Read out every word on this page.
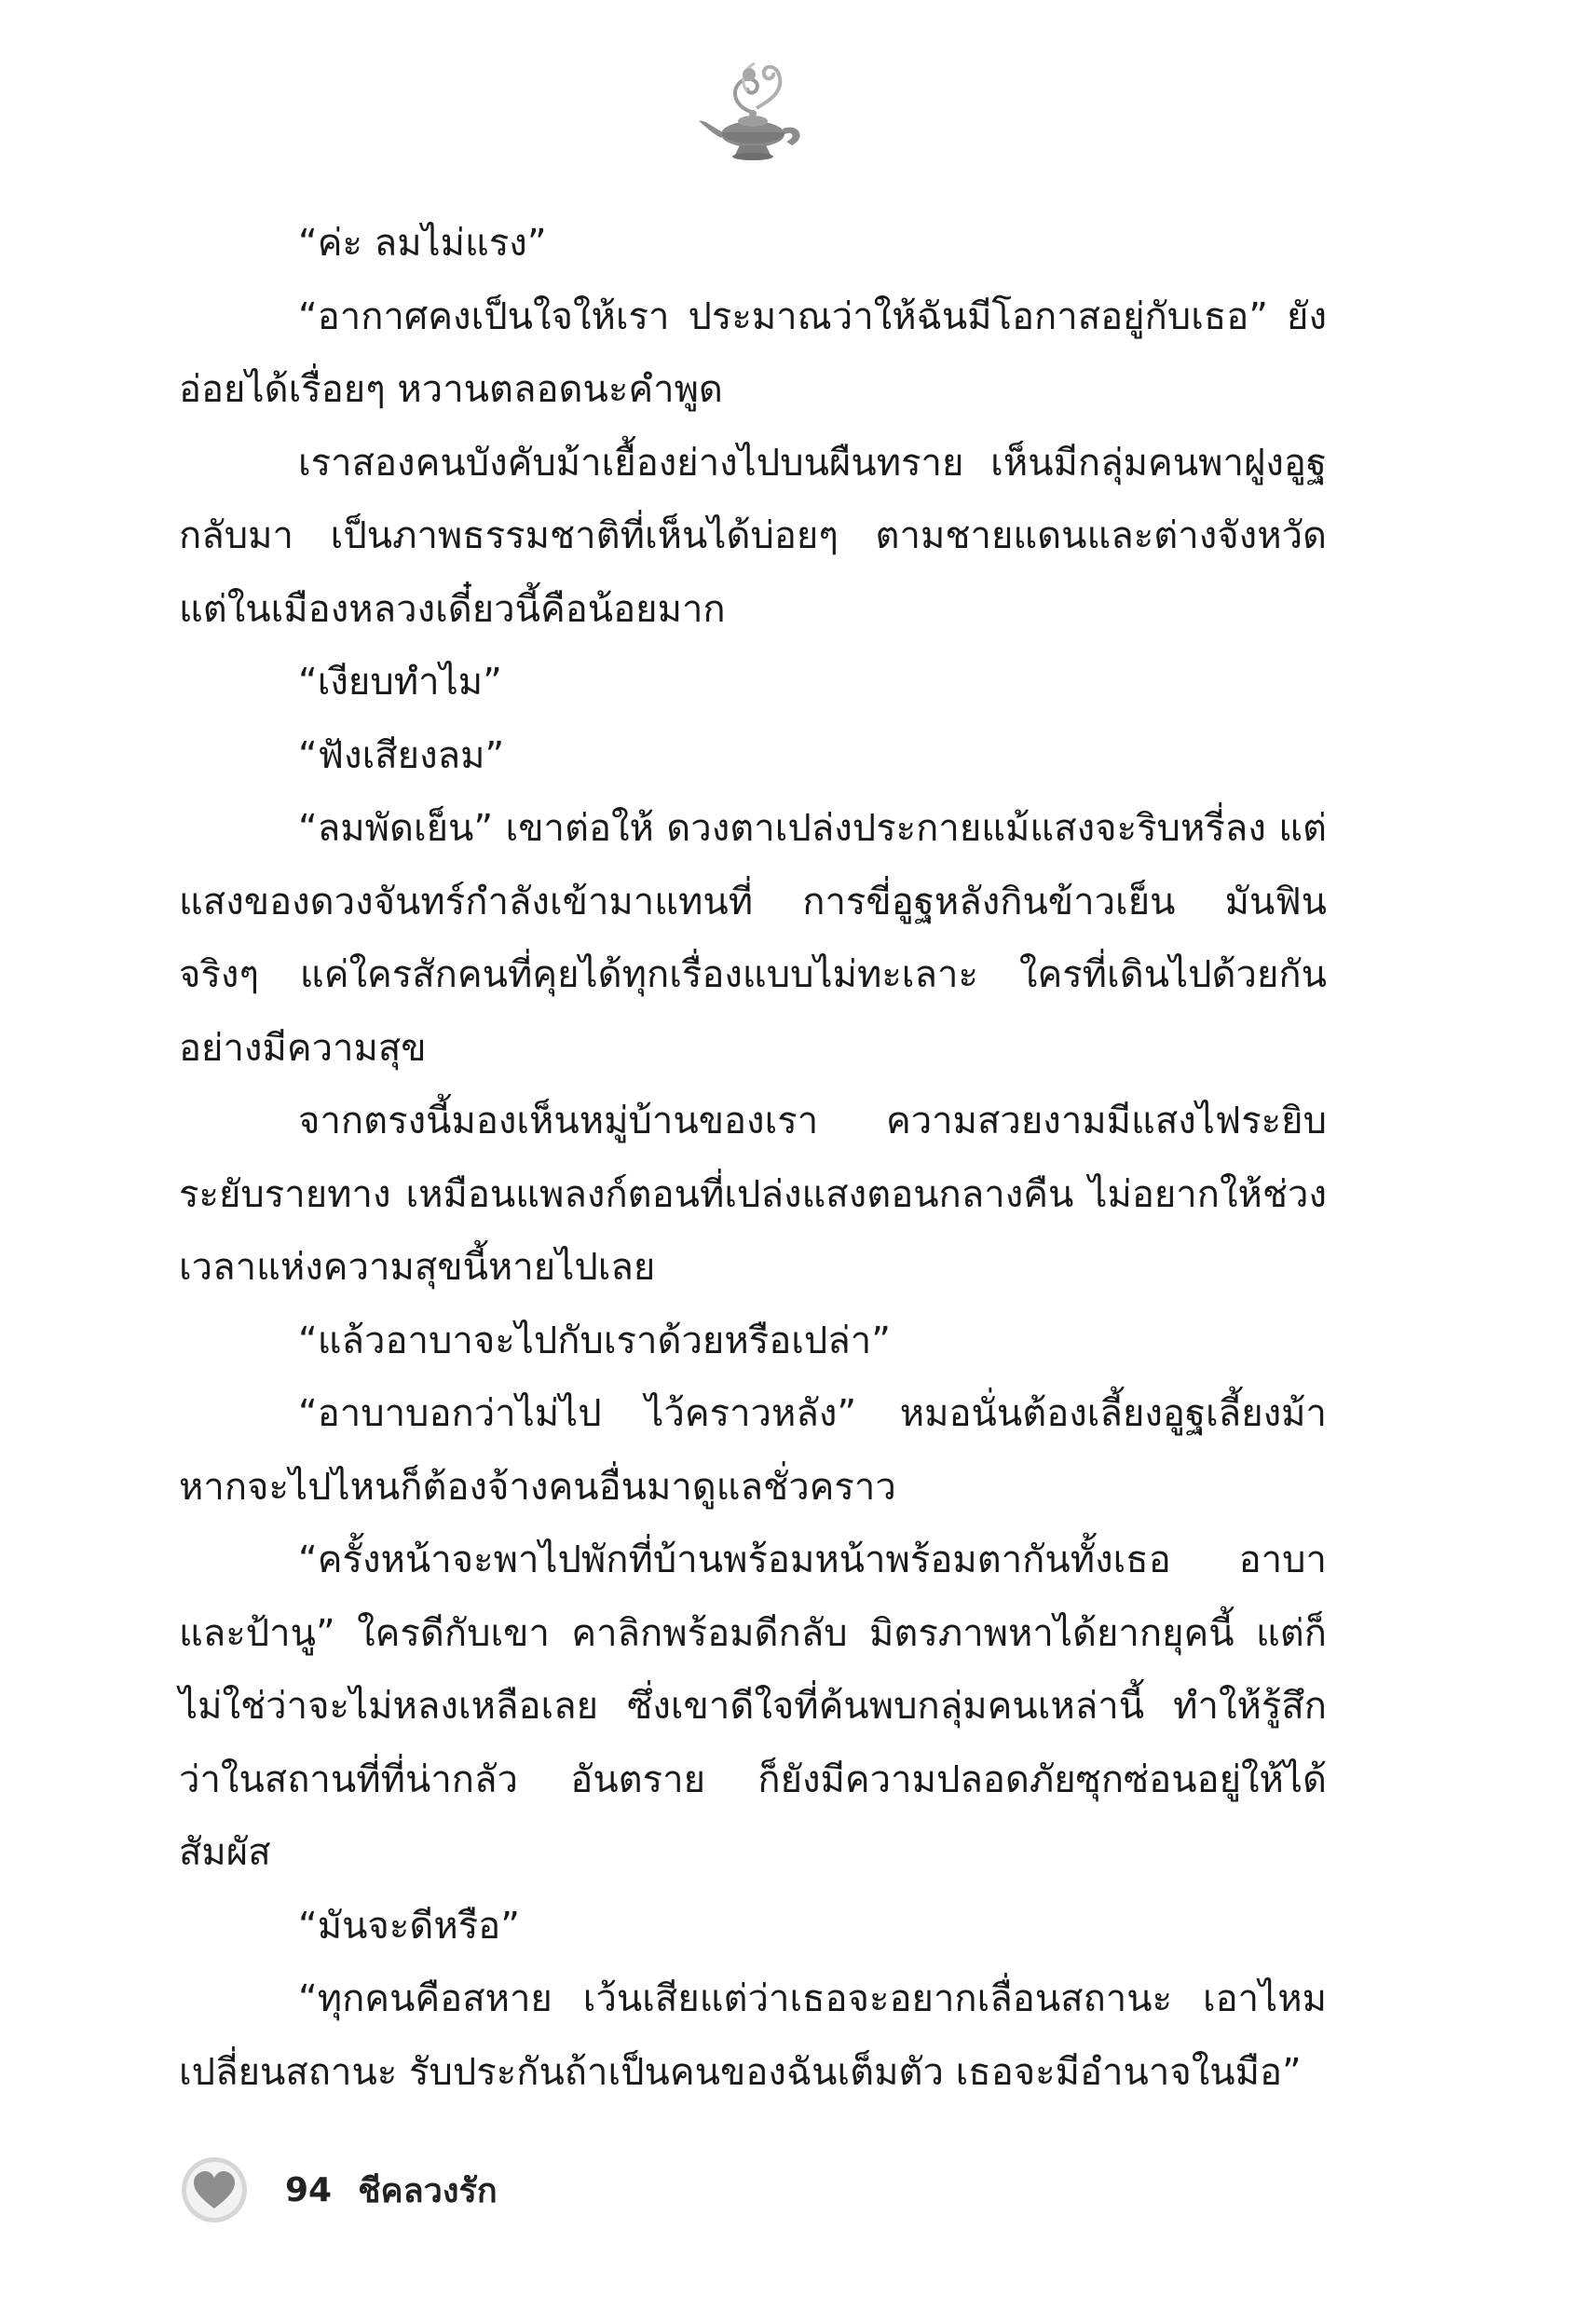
“ค่ะ ลมไม่แรง”

“อากาศคงเป็นใจให้เรา ประมาณว่าให้ฉันมีโอกาสอยู่กับเธอ” ยังอ่อยได้เรื่อยๆ หวานตลอดนะคำพูด

เราสองคนบังคับม้าเยื้องย่างไปบนผืนทราย เห็นมีกลุ่มคนพาฝูงอูฐกลับมา เป็นภาพธรรมชาติที่เห็นได้บ่อยๆ ตามชายแดนและต่างจังหวัด แต่ในเมืองหลวงเดี๋ยวนี้คือน้อยมาก

“เงียบทำไม”

“ฟังเสียงลม”

“ลมพัดเย็น” เขาต่อให้ ดวงตาเปล่งประกายแม้แสงจะริบหรี่ลง แต่แสงของดวงจันทร์กำลังเข้ามาแทนที่ การขี่อูฐหลังกินข้าวเย็น มันฟินจริงๆ แค่ใครสักคนที่คุยได้ทุกเรื่องแบบไม่ทะเลาะ ใครที่เดินไปด้วยกันอย่างมีความสุข

จากตรงนี้มองเห็นหมู่บ้านของเรา ความสวยงามมีแสงไฟระยิบระยับรายทาง เหมือนแพลงก์ตอนที่เปล่งแสงตอนกลางคืน ไม่อยากให้ช่วงเวลาแห่งความสุขนี้หายไปเลย

“แล้วอาบาจะไปกับเราด้วยหรือเปล่า”

“อาบาบอกว่าไม่ไป ไว้คราวหลัง” หมอนั่นต้องเลี้ยงอูฐเลี้ยงม้า หากจะไปไหนก็ต้องจ้างคนอื่นมาดูแลชั่วคราว

“ครั้งหน้าจะพาไปพักที่บ้านพร้อมหน้าพร้อมตากันทั้งเธอ อาบาและป้านู” ใครดีกับเขา คาลิกพร้อมดีกลับ มิตรภาพหาได้ยากยุคนี้ แต่ก็ไม่ใช่ว่าจะไม่หลงเหลือเลย ซึ่งเขาดีใจที่ค้นพบกลุ่มคนเหล่านี้ ทำให้รู้สึกว่าในสถานที่ที่น่ากลัว อันตราย ก็ยังมีความปลอดภัยซุกซ่อนอยู่ให้ได้สัมผัส

“มันจะดีหรือ”

“ทุกคนคือสหาย เว้นเสียแต่ว่าเธอจะอยากเลื่อนสถานะ เอาไหม เปลี่ยนสถานะ รับประกันถ้าเป็นคนของฉันเต็มตัว เธอจะมีอำนาจในมือ”

94 ชีคลวงรัก
